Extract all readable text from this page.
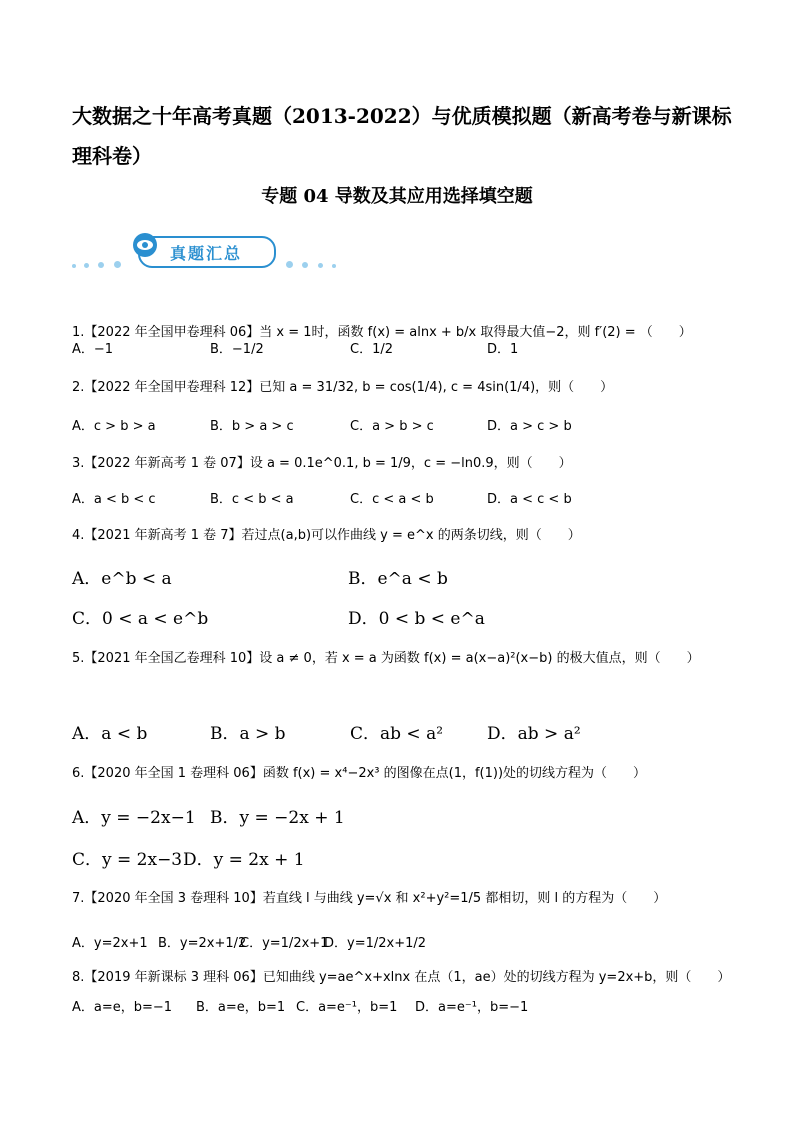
大数据之十年高考真题（2013-2022）与优质模拟题（新高考卷与新课标理科卷）
专题 04 导数及其应用选择填空题
真题汇总
1.【2022 年全国甲卷理科 06】当 x = 1时，函数 f(x) = alnx + b/x 取得最大值−2，则 f′(2) = （　　）
A．−1	B．−1/2	C．1/2	D．1
2.【2022 年全国甲卷理科 12】已知 a = 31/32, b = cos(1/4), c = 4sin(1/4)，则（　　）
A．c > b > a	B．b > a > c	C．a > b > c	D．a > c > b
3.【2022 年新高考 1 卷 07】设 a = 0.1e^0.1, b = 1/9，c = −ln0.9，则（　　）
A．a < b < c	B．c < b < a	C．c < a < b	D．a < c < b
4.【2021 年新高考 1 卷 7】若过点(a,b)可以作曲线 y = e^x 的两条切线，则（　　）
A．e^b < a	B．e^a < b
C．0 < a < e^b	D．0 < b < e^a
5.【2021 年全国乙卷理科 10】设 a ≠ 0，若 x = a 为函数 f(x) = a(x−a)²(x−b) 的极大值点，则（　　）
A．a < b	B．a > b	C．ab < a²	D．ab > a²
6.【2020 年全国 1 卷理科 06】函数 f(x) = x⁴−2x³ 的图像在点(1，f(1))处的切线方程为（　　）
A．y = −2x−1 B．y = −2x + 1
C．y = 2x−3 D．y = 2x + 1
7.【2020 年全国 3 卷理科 10】若直线 l 与曲线 y=√x 和 x²+y²=1/5 都相切，则 l 的方程为（　　）
A．y=2x+1 B．y=2x+1/2
C．y=1/2x+1
D．y=1/2x+1/2
8.【2019 年新课标 3 理科 06】已知曲线 y=ae^x+xlnx 在点（1，ae）处的切线方程为 y=2x+b，则（　　）
A．a=e，b=−1 B．a=e，b=1 C．a=e⁻¹，b=1 D．a=e⁻¹，b=−1
